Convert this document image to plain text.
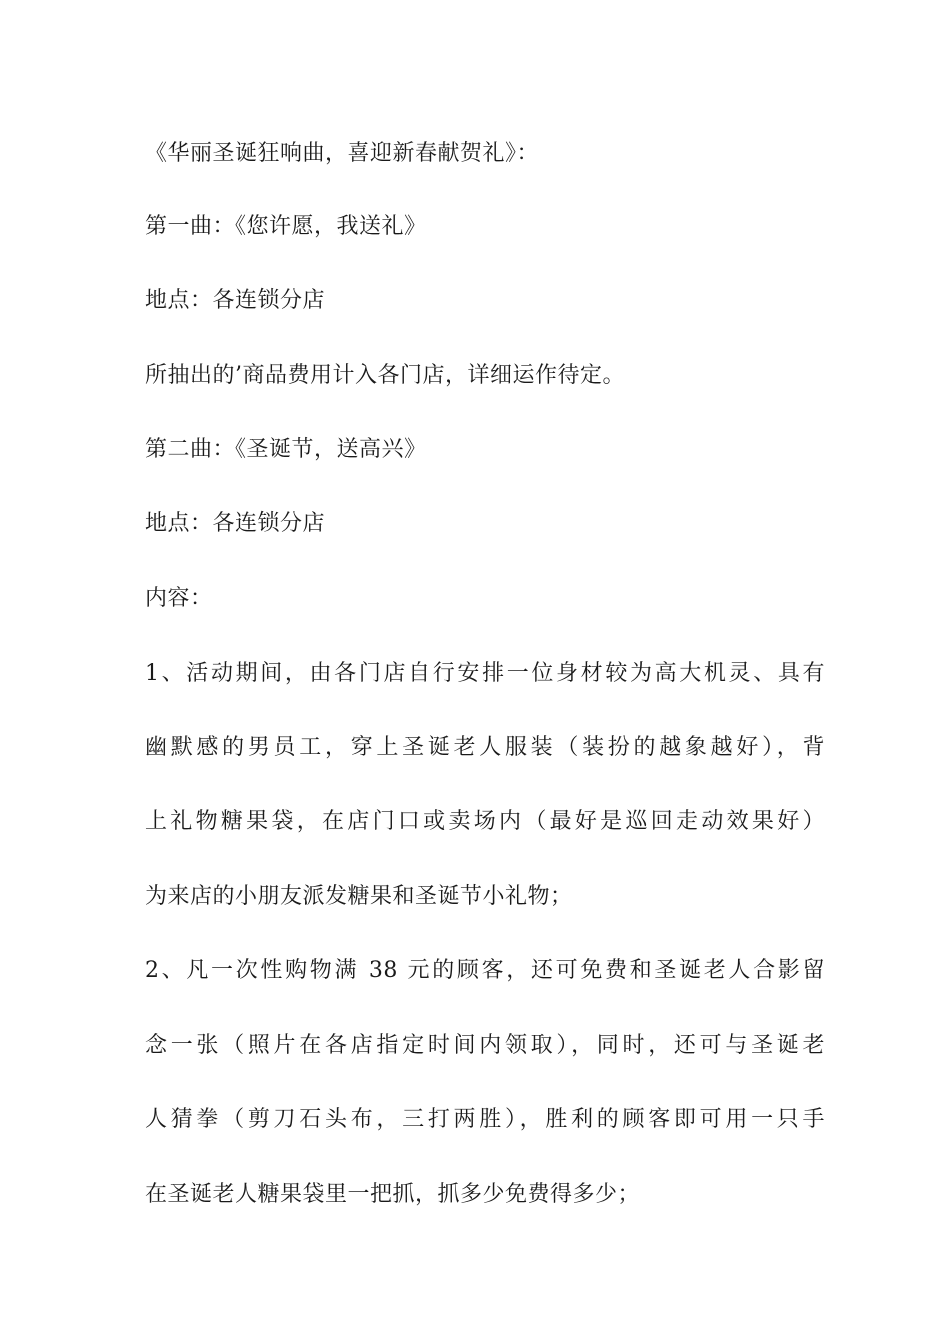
《华丽圣诞狂响曲，喜迎新春献贺礼》：

第一曲：《您许愿，我送礼》

地点：各连锁分店

所抽出的’商品费用计入各门店，详细运作待定。

第二曲：《圣诞节，送高兴》

地点：各连锁分店

内容：

1、活动期间，由各门店自行安排一位身材较为高大机灵、具有

幽默感的男员工，穿上圣诞老人服装（装扮的越象越好），背

上礼物糖果袋，在店门口或卖场内（最好是巡回走动效果好）

为来店的小朋友派发糖果和圣诞节小礼物；

2、凡一次性购物满 38 元的顾客，还可免费和圣诞老人合影留

念一张（照片在各店指定时间内领取），同时，还可与圣诞老

人猜拳（剪刀石头布，三打两胜），胜利的顾客即可用一只手

在圣诞老人糖果袋里一把抓，抓多少免费得多少；
